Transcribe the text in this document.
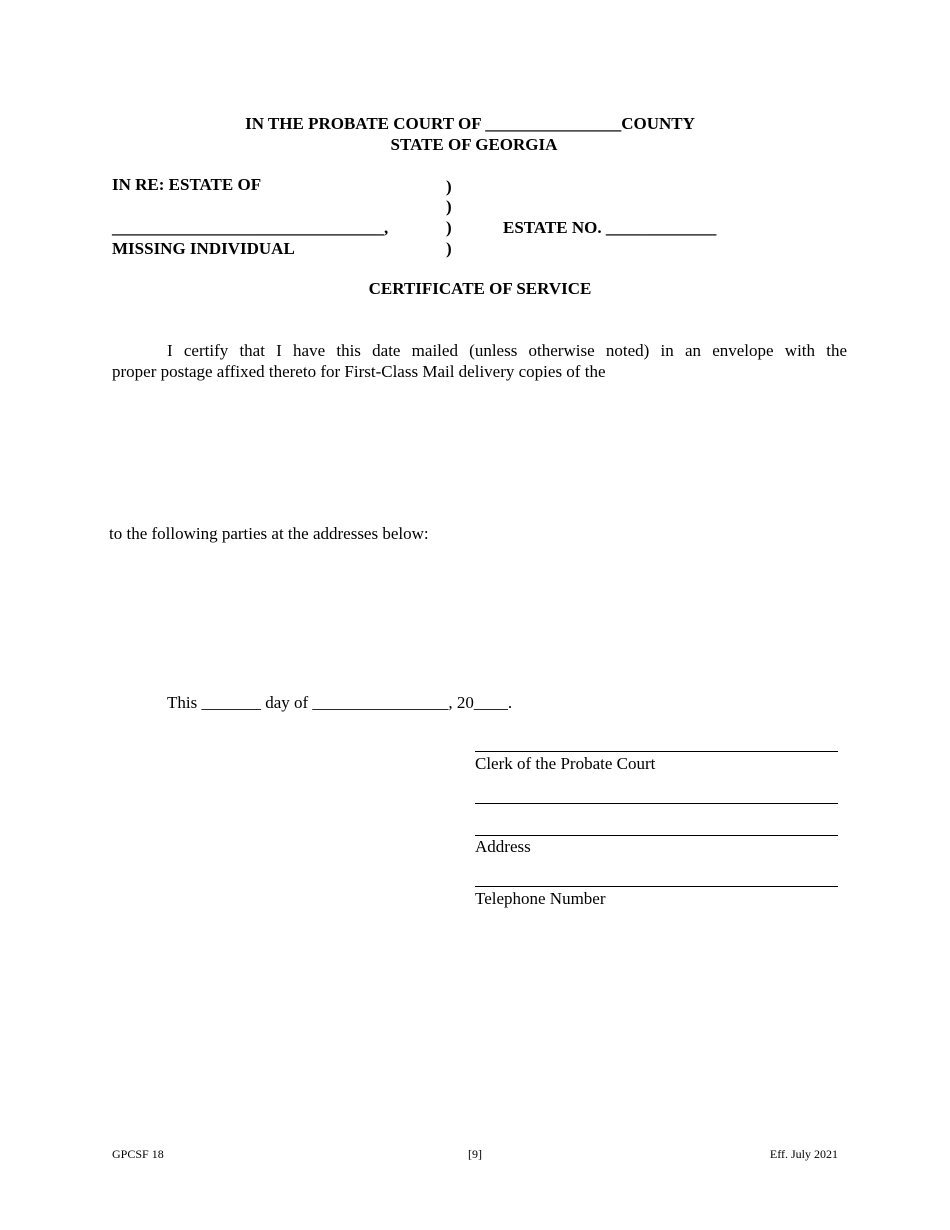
IN THE PROBATE COURT OF ________________COUNTY
STATE OF GEORGIA
IN RE: ESTATE OF
________________________________,
MISSING INDIVIDUAL
)
)
)
)
ESTATE NO. _____________
CERTIFICATE OF SERVICE
I certify that I have this date mailed (unless otherwise noted) in an envelope with the
proper postage affixed thereto for First-Class Mail delivery copies of the
to the following parties at the addresses below:
This _______ day of ________________, 20____.
Clerk of the Probate Court
Address
Telephone Number
GPCSF 18	[9]	Eff. July 2021
